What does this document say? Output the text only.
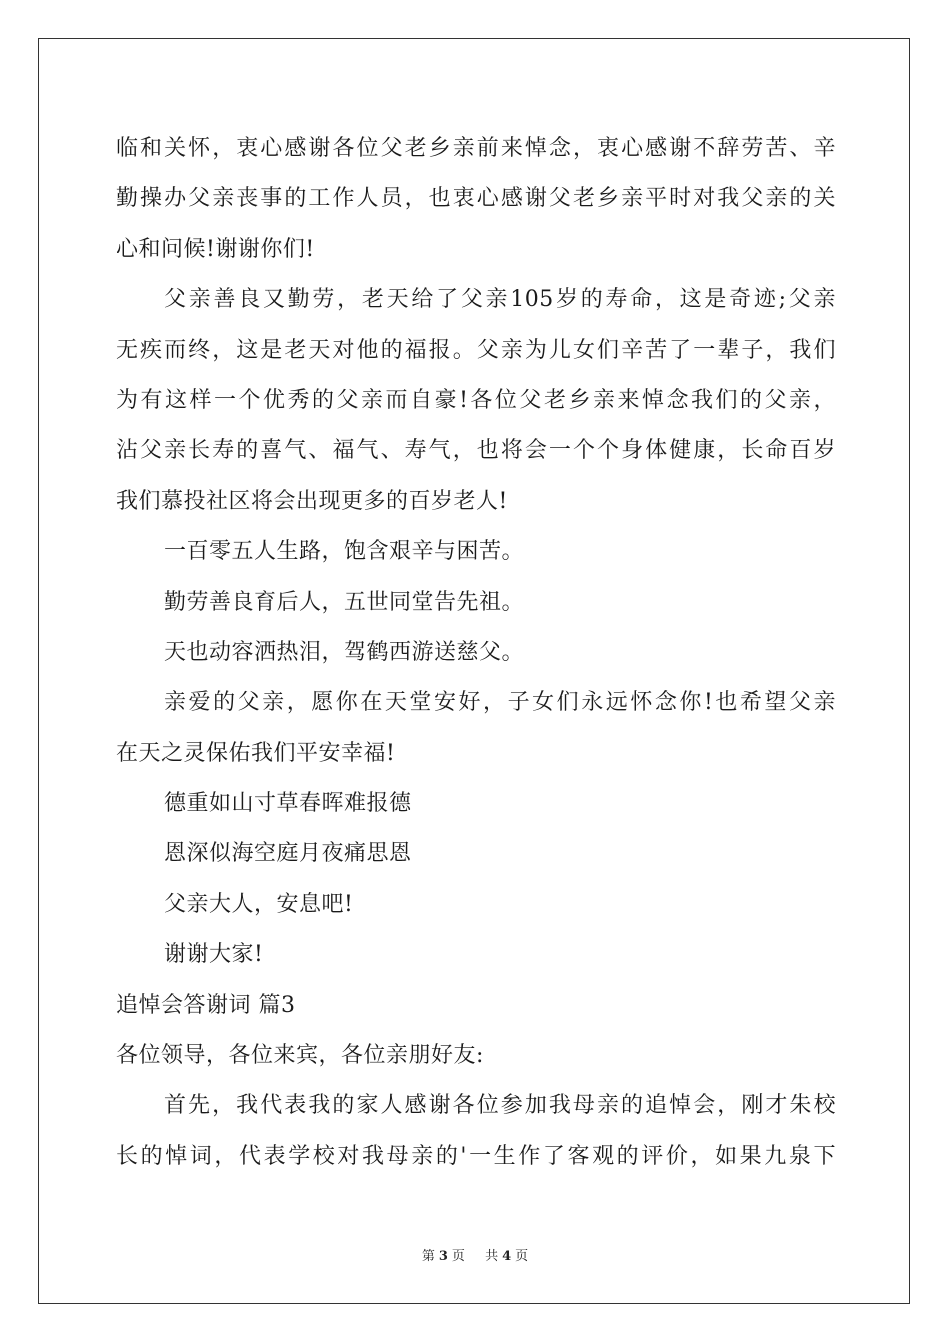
临和关怀，衷心感谢各位父老乡亲前来悼念，衷心感谢不辞劳苦、辛
勤操办父亲丧事的工作人员，也衷心感谢父老乡亲平时对我父亲的关
心和问候!谢谢你们!
父亲善良又勤劳，老天给了父亲105岁的寿命，这是奇迹;父亲
无疾而终，这是老天对他的福报。父亲为儿女们辛苦了一辈子，我们
为有这样一个优秀的父亲而自豪!各位父老乡亲来悼念我们的父亲，
沾父亲长寿的喜气、福气、寿气，也将会一个个身体健康，长命百岁
我们慕投社区将会出现更多的百岁老人!
一百零五人生路，饱含艰辛与困苦。
勤劳善良育后人，五世同堂告先祖。
天也动容洒热泪，驾鹤西游送慈父。
亲爱的父亲，愿你在天堂安好，子女们永远怀念你!也希望父亲
在天之灵保佑我们平安幸福!
德重如山寸草春晖难报德
恩深似海空庭月夜痛思恩
父亲大人，安息吧!
谢谢大家!
追悼会答谢词 篇3
各位领导，各位来宾，各位亲朋好友:
首先，我代表我的家人感谢各位参加我母亲的追悼会，刚才朱校
长的悼词，代表学校对我母亲的'一生作了客观的评价，如果九泉下
第 3 页 共 4 页
